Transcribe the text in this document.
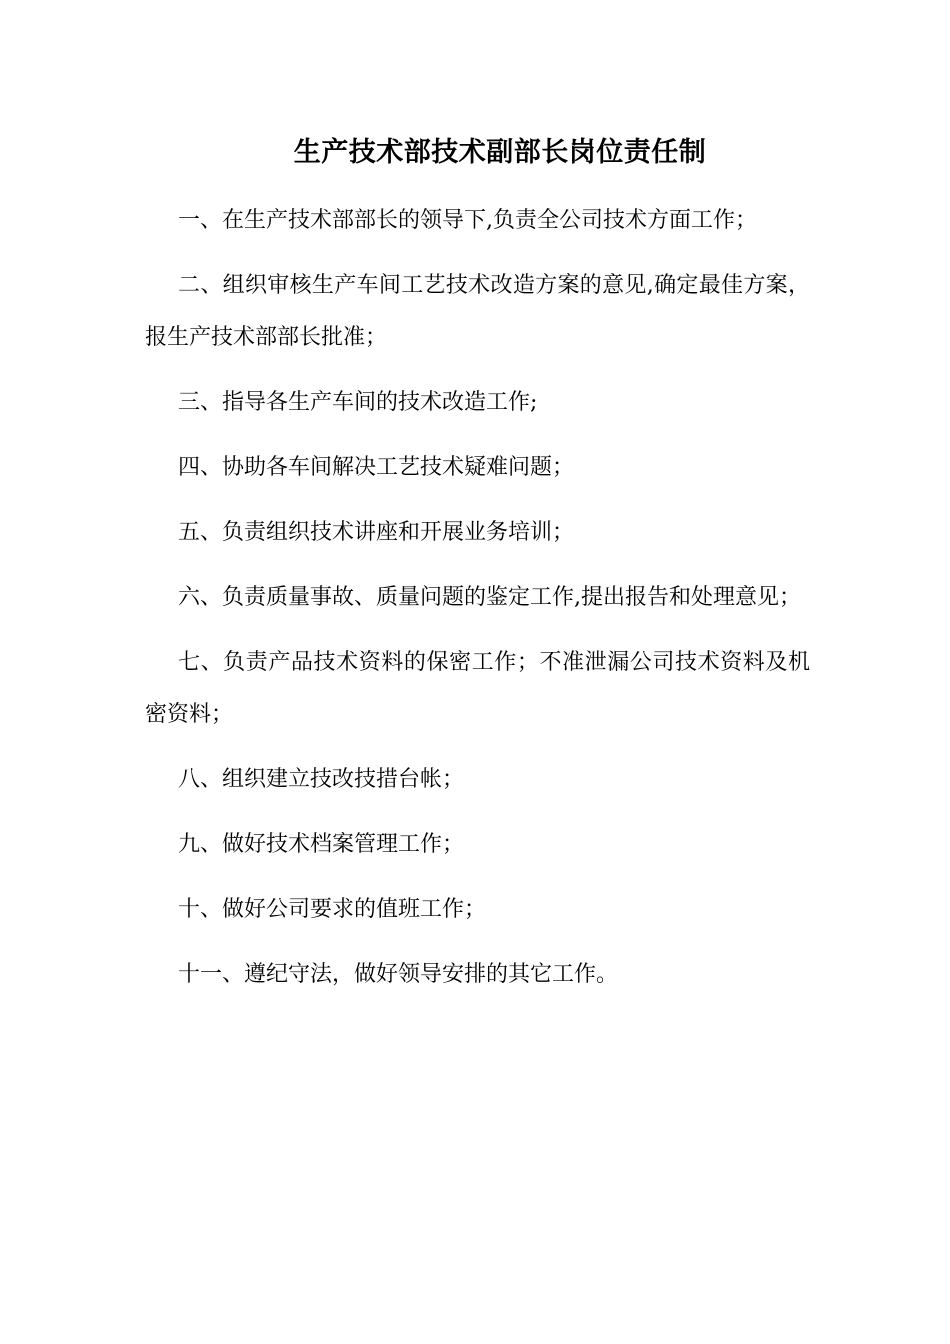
生产技术部技术副部长岗位责任制

一、在生产技术部部长的领导下,负责全公司技术方面工作；

二、组织审核生产车间工艺技术改造方案的意见,确定最佳方案，报生产技术部部长批准；

三、指导各生产车间的技术改造工作;

四、协助各车间解决工艺技术疑难问题；

五、负责组织技术讲座和开展业务培训；

六、负责质量事故、质量问题的鉴定工作,提出报告和处理意见；

七、负责产品技术资料的保密工作；不准泄漏公司技术资料及机密资料；

八、组织建立技改技措台帐；

九、做好技术档案管理工作；

十、做好公司要求的值班工作；

十一、遵纪守法，做好领导安排的其它工作。
